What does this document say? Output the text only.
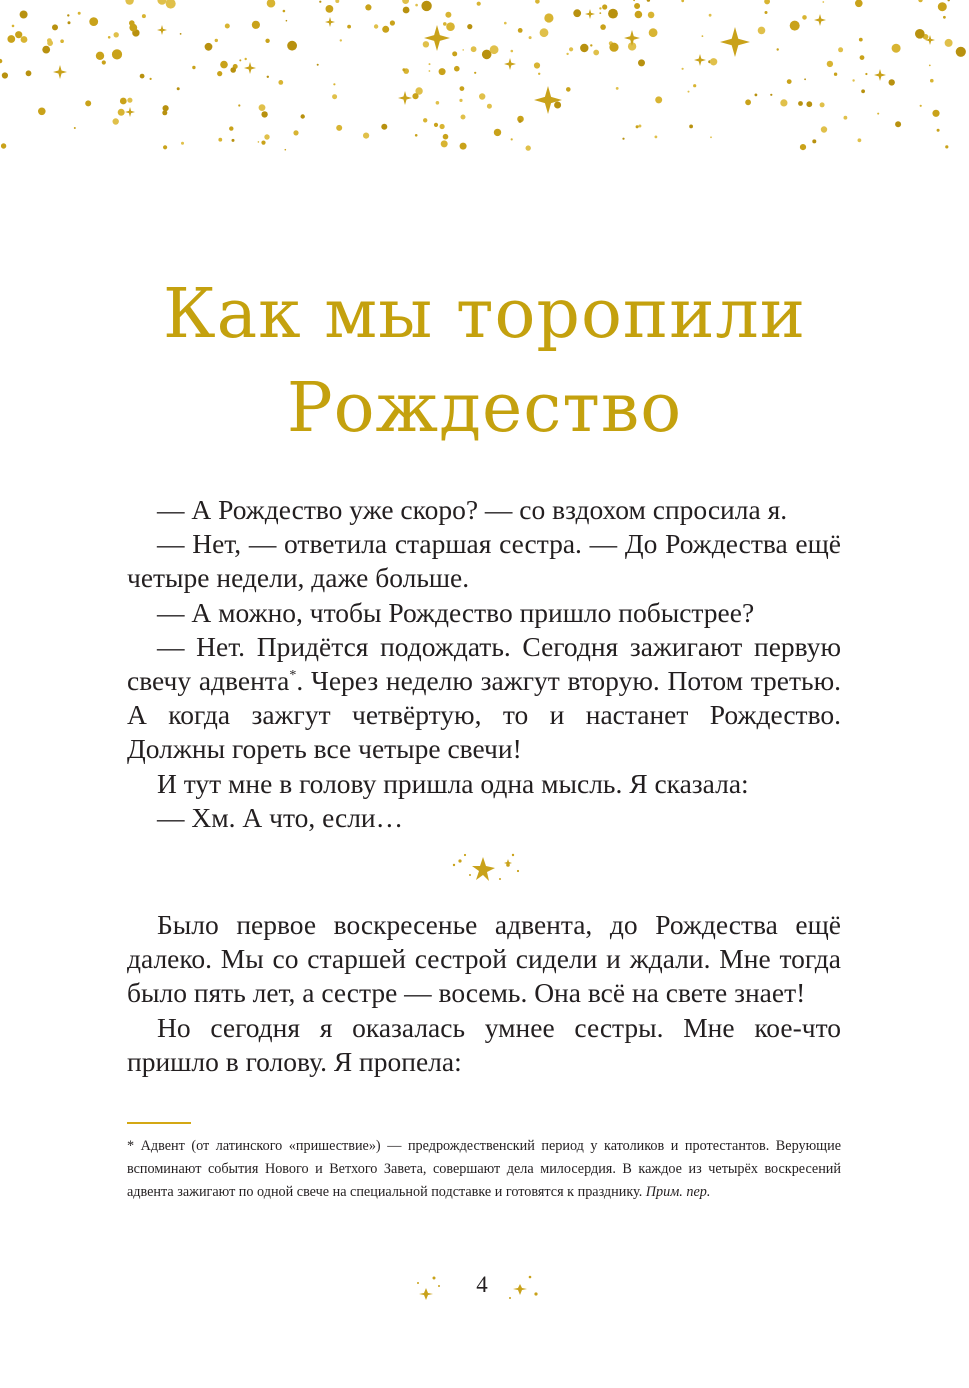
Как мы торопили
Рождество

— А Рождество уже скоро? — со вздохом спросила я.

— Нет, — ответила старшая сестра. — До Рождества ещё четыре недели, даже больше.

— А можно, чтобы Рождество пришло побыстрее?

— Нет. Придётся подождать. Сегодня зажигают первую свечу адвента*. Через неделю зажгут вторую. Потом третью. А когда зажгут четвёртую, то и настанет Рождество. Должны гореть все четыре свечи!

И тут мне в голову пришла одна мысль. Я сказала:

— Хм. А что, если…

Было первое воскресенье адвента, до Рождества ещё далеко. Мы со старшей сестрой сидели и ждали. Мне тогда было пять лет, а сестре — восемь. Она всё на свете знает!

Но сегодня я оказалась умнее сестры. Мне кое-что пришло в голову. Я пропела:

* Адвент (от латинского «пришествие») — предрождественский период у католиков и протестантов. Верующие вспоминают события Нового и Ветхого Завета, совершают дела милосердия. В каждое из четырёх воскресений адвента зажигают по одной свече на специальной подставке и готовятся к празднику. Прим. пер.
4
